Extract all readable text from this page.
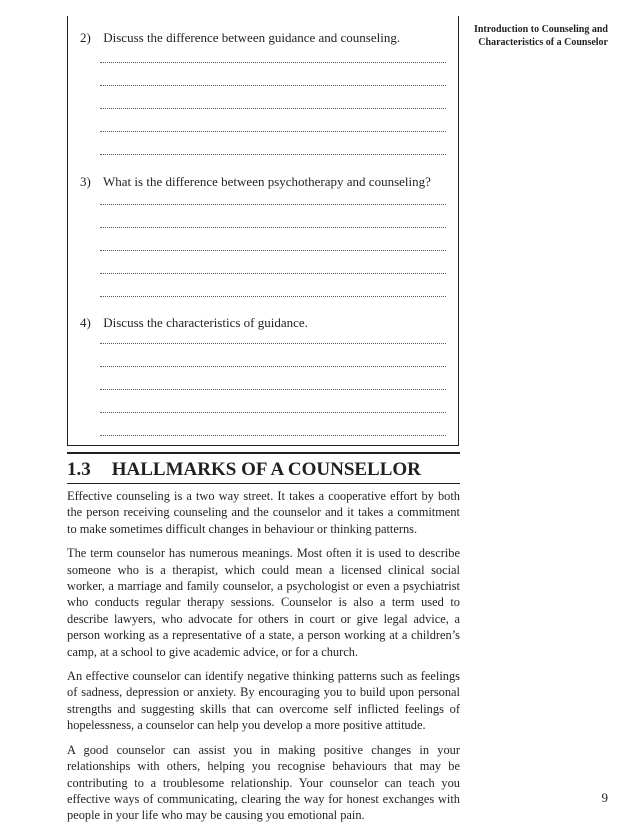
Introduction to Counseling and Characteristics of a Counselor
2) Discuss the difference between guidance and counseling.
3) What is the difference between psychotherapy and counseling?
4) Discuss the characteristics of guidance.
1.3 HALLMARKS OF A COUNSELLOR

Effective counseling is a two way street. It takes a cooperative effort by both the person receiving counseling and the counselor and it takes a commitment to make sometimes difficult changes in behaviour or thinking patterns.

The term counselor has numerous meanings. Most often it is used to describe someone who is a therapist, which could mean a licensed clinical social worker, a marriage and family counselor, a psychologist or even a psychiatrist who conducts regular therapy sessions. Counselor is also a term used to describe lawyers, who advocate for others in court or give legal advice, a person working as a representative of a state, a person working at a children’s camp, at a school to give academic advice, or for a church.

An effective counselor can identify negative thinking patterns such as feelings of sadness, depression or anxiety. By encouraging you to build upon personal strengths and suggesting skills that can overcome self inflicted feelings of hopelessness, a counselor can help you develop a more positive attitude.

A good counselor can assist you in making positive changes in your relationships with others, helping you recognise behaviours that may be contributing to a troublesome relationship. Your counselor can teach you effective ways of communicating, clearing the way for honest exchanges with people in your life who may be causing you emotional pain.

9
